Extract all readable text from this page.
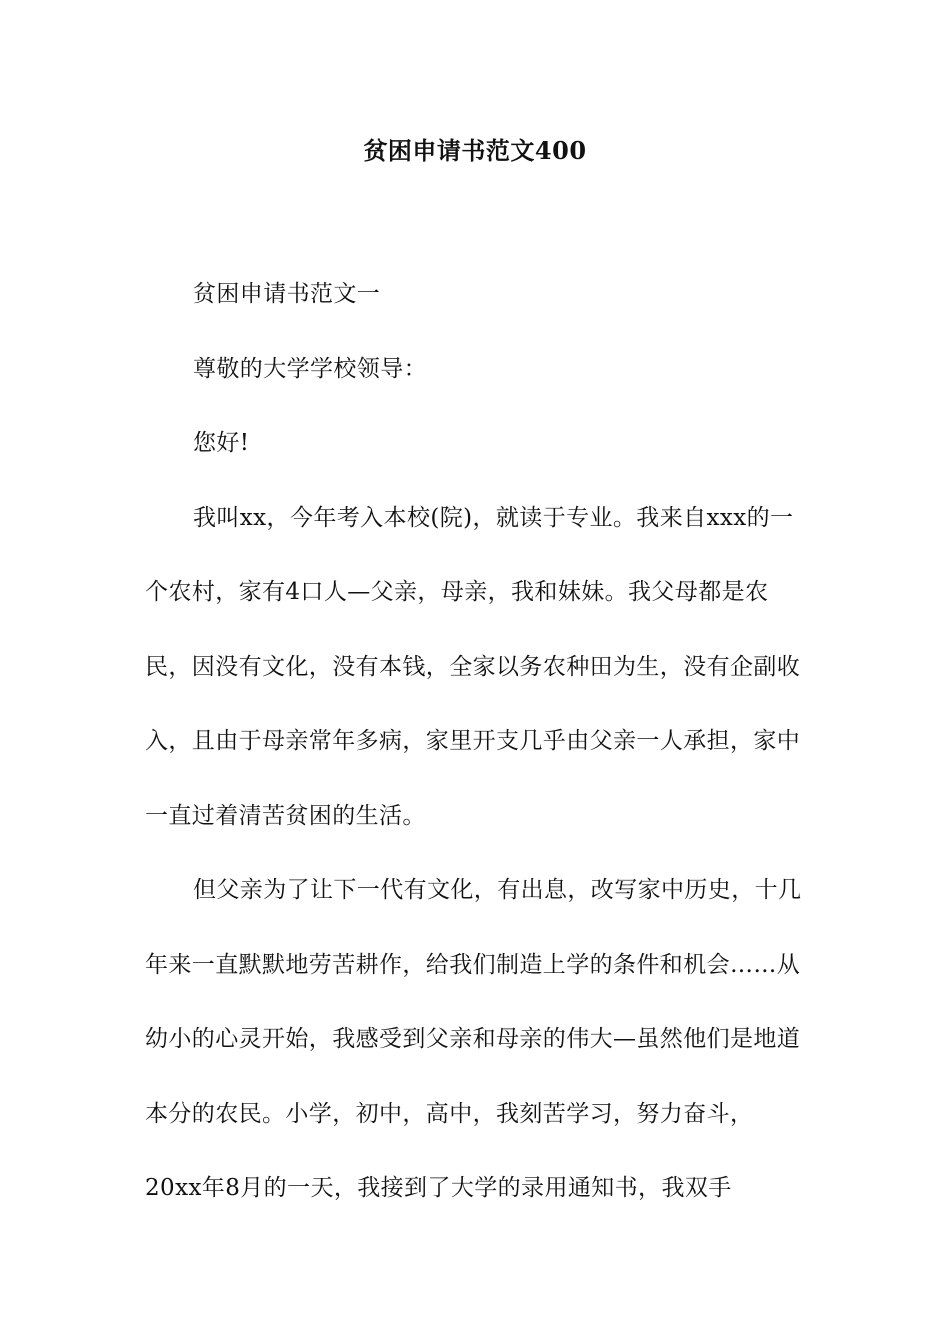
贫困申请书范文400

贫困申请书范文一

尊敬的大学学校领导：

您好!

我叫xx，今年考入本校(院)，就读于专业。我来自xxx的一个农村，家有4口人—父亲，母亲，我和妹妹。我父母都是农民，因没有文化，没有本钱，全家以务农种田为生，没有企副收入，且由于母亲常年多病，家里开支几乎由父亲一人承担，家中一直过着清苦贫困的生活。

但父亲为了让下一代有文化，有出息，改写家中历史，十几年来一直默默地劳苦耕作，给我们制造上学的条件和机会……从幼小的心灵开始，我感受到父亲和母亲的伟大—虽然他们是地道本分的农民。小学，初中，高中，我刻苦学习，努力奋斗，20xx年8月的一天，我接到了大学的录用通知书，我双手
